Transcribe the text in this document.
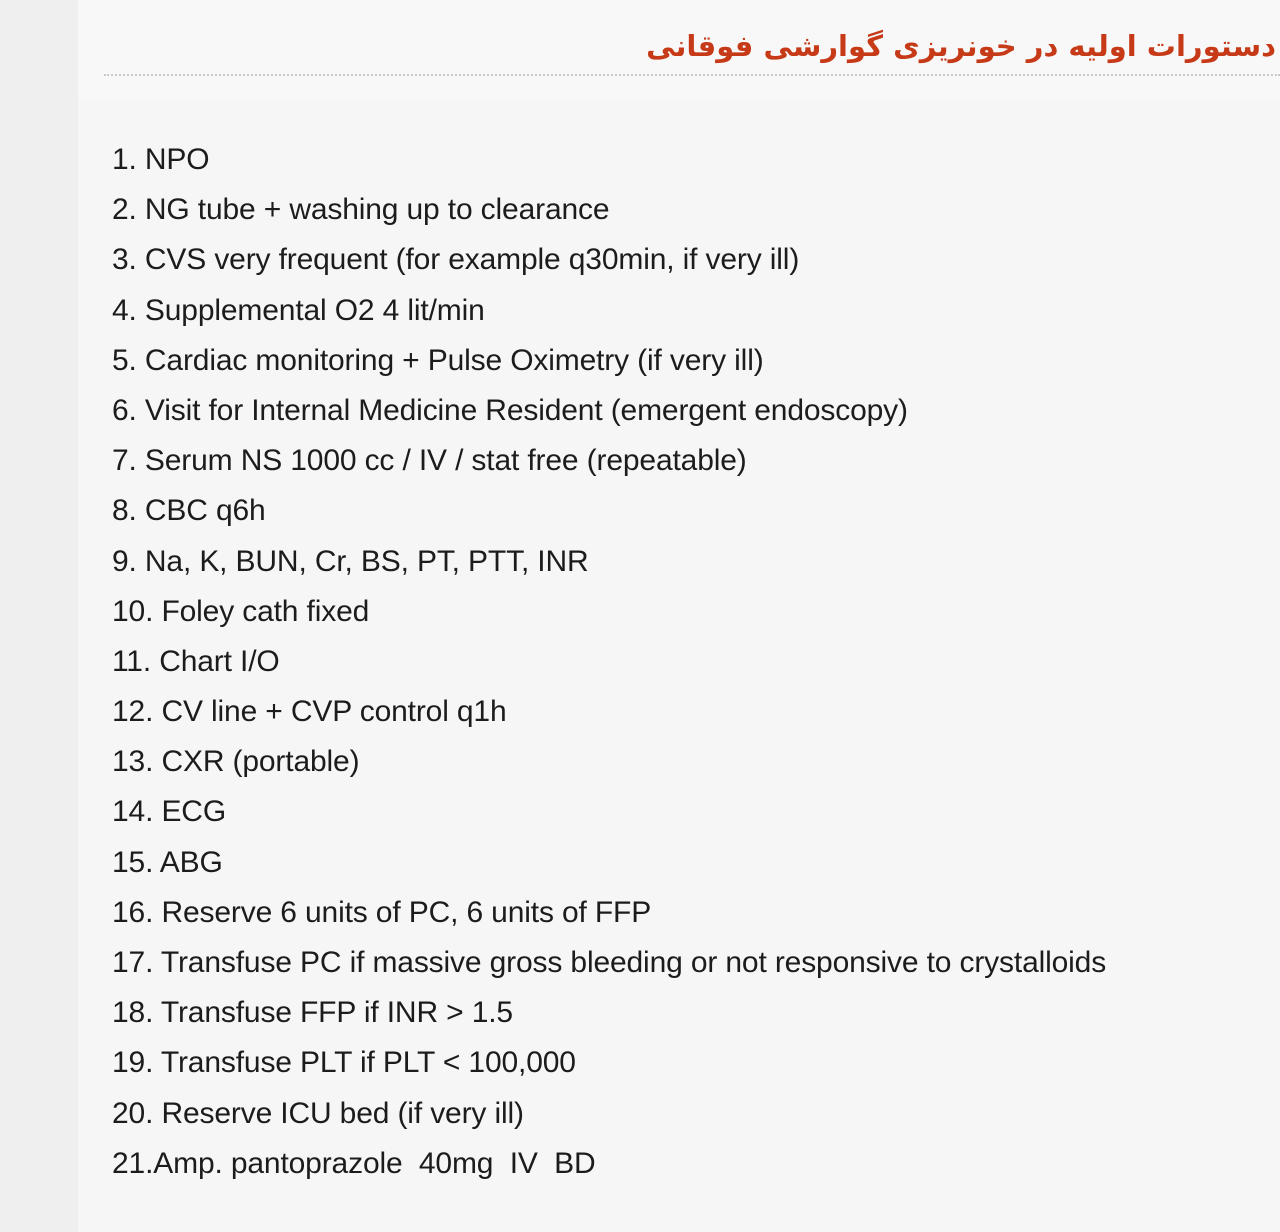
دستورات اولیه در خونریزی گوارشی فوقانی
1. NPO
2. NG tube + washing up to clearance
3. CVS very frequent (for example q30min, if very ill)
4. Supplemental O2 4 lit/min
5. Cardiac monitoring + Pulse Oximetry (if very ill)
6. Visit for Internal Medicine Resident (emergent endoscopy)
7. Serum NS 1000 cc / IV / stat free (repeatable)
8. CBC q6h
9. Na, K, BUN, Cr, BS, PT, PTT, INR
10. Foley cath fixed
11. Chart I/O
12. CV line + CVP control q1h
13. CXR (portable)
14. ECG
15. ABG
16. Reserve 6 units of PC, 6 units of FFP
17. Transfuse PC if massive gross bleeding or not responsive to crystalloids
18. Transfuse FFP if INR > 1.5
19. Transfuse PLT if PLT < 100,000
20. Reserve ICU bed (if very ill)
21.Amp. pantoprazole  40mg  IV  BD
